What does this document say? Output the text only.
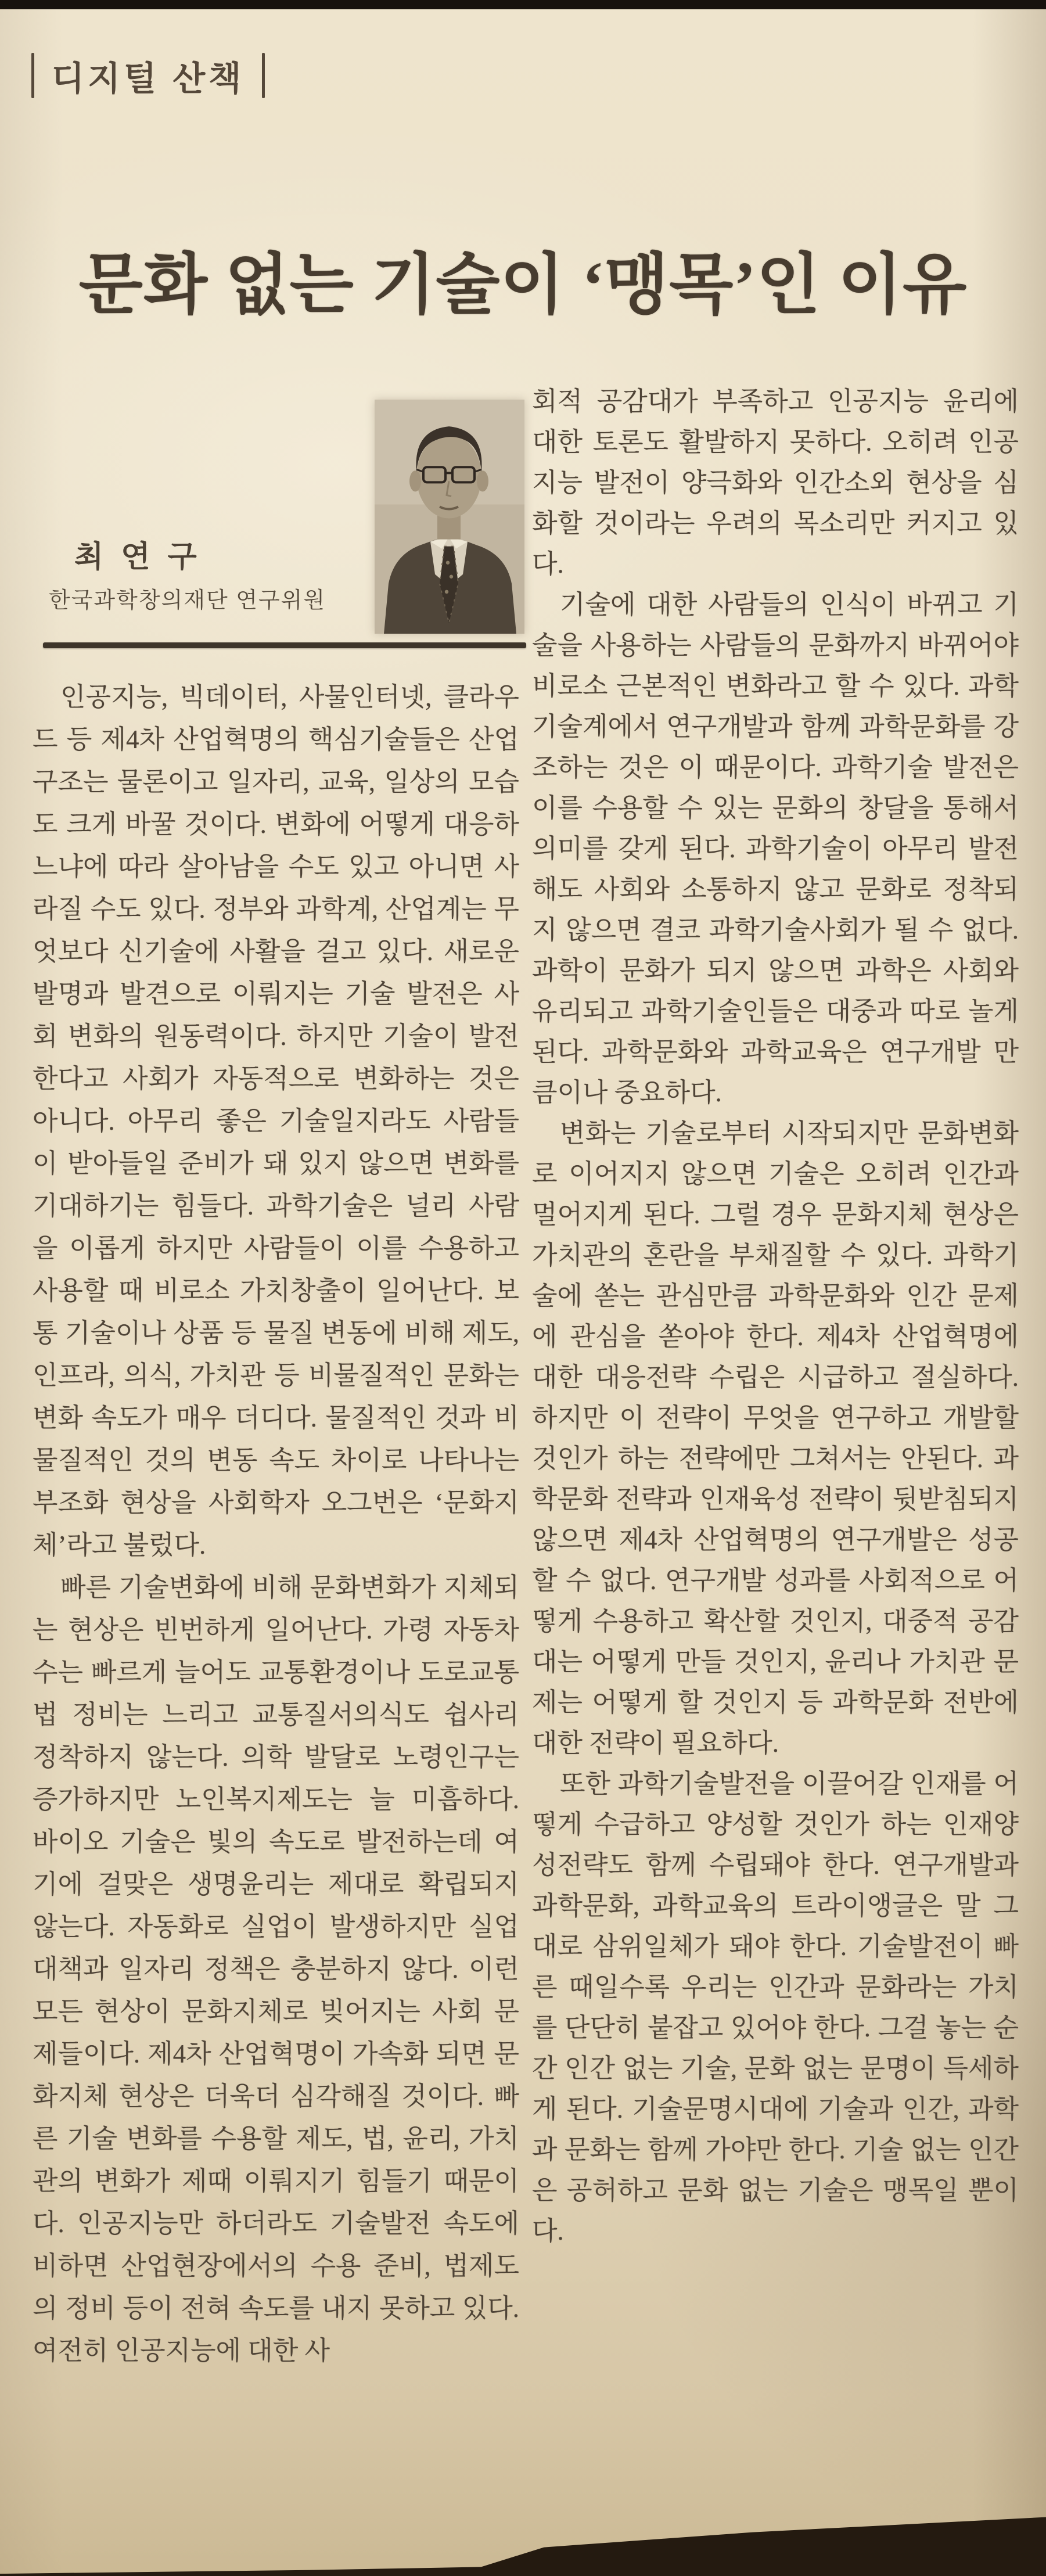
디지털 산책
문화 없는 기술이 ‘맹목’인 이유
최연구
한국과학창의재단 연구위원

인공지능, 빅데이터, 사물인터넷, 클라우드 등 제4차 산업혁명의 핵심기술들은 산업 구조는 물론이고 일자리, 교육, 일상의 모습도 크게 바꿀 것이다. 변화에 어떻게 대응하느냐에 따라 살아남을 수도 있고 아니면 사라질 수도 있다. 정부와 과학계, 산업계는 무엇보다 신기술에 사활을 걸고 있다. 새로운 발명과 발견으로 이뤄지는 기술 발전은 사회 변화의 원동력이다. 하지만 기술이 발전한다고 사회가 자동적으로 변화하는 것은 아니다. 아무리 좋은 기술일지라도 사람들이 받아들일 준비가 돼 있지 않으면 변화를 기대하기는 힘들다. 과학기술은 널리 사람을 이롭게 하지만 사람들이 이를 수용하고 사용할 때 비로소 가치창출이 일어난다. 보통 기술이나 상품 등 물질 변동에 비해 제도, 인프라, 의식, 가치관 등 비물질적인 문화는 변화 속도가 매우 더디다. 물질적인 것과 비물질적인 것의 변동 속도 차이로 나타나는 부조화 현상을 사회학자 오그번은 ‘문화지체’라고 불렀다.

빠른 기술변화에 비해 문화변화가 지체되는 현상은 빈번하게 일어난다. 가령 자동차 수는 빠르게 늘어도 교통환경이나 도로교통법 정비는 느리고 교통질서의식도 쉽사리 정착하지 않는다. 의학 발달로 노령인구는 증가하지만 노인복지제도는 늘 미흡하다. 바이오 기술은 빛의 속도로 발전하는데 여기에 걸맞은 생명윤리는 제대로 확립되지 않는다. 자동화로 실업이 발생하지만 실업대책과 일자리 정책은 충분하지 않다. 이런 모든 현상이 문화지체로 빚어지는 사회 문제들이다. 제4차 산업혁명이 가속화 되면 문화지체 현상은 더욱더 심각해질 것이다. 빠른 기술 변화를 수용할 제도, 법, 윤리, 가치관의 변화가 제때 이뤄지기 힘들기 때문이다. 인공지능만 하더라도 기술발전 속도에 비하면 산업현장에서의 수용 준비, 법제도의 정비 등이 전혀 속도를 내지 못하고 있다. 여전히 인공지능에 대한 사

회적 공감대가 부족하고 인공지능 윤리에 대한 토론도 활발하지 못하다. 오히려 인공지능 발전이 양극화와 인간소외 현상을 심화할 것이라는 우려의 목소리만 커지고 있다.

기술에 대한 사람들의 인식이 바뀌고 기술을 사용하는 사람들의 문화까지 바뀌어야 비로소 근본적인 변화라고 할 수 있다. 과학기술계에서 연구개발과 함께 과학문화를 강조하는 것은 이 때문이다. 과학기술 발전은 이를 수용할 수 있는 문화의 창달을 통해서 의미를 갖게 된다. 과학기술이 아무리 발전해도 사회와 소통하지 않고 문화로 정착되지 않으면 결코 과학기술사회가 될 수 없다. 과학이 문화가 되지 않으면 과학은 사회와 유리되고 과학기술인들은 대중과 따로 놀게 된다. 과학문화와 과학교육은 연구개발 만큼이나 중요하다.

변화는 기술로부터 시작되지만 문화변화로 이어지지 않으면 기술은 오히려 인간과 멀어지게 된다. 그럴 경우 문화지체 현상은 가치관의 혼란을 부채질할 수 있다. 과학기술에 쏟는 관심만큼 과학문화와 인간 문제에 관심을 쏟아야 한다. 제4차 산업혁명에 대한 대응전략 수립은 시급하고 절실하다. 하지만 이 전략이 무엇을 연구하고 개발할 것인가 하는 전략에만 그쳐서는 안된다. 과학문화 전략과 인재육성 전략이 뒷받침되지 않으면 제4차 산업혁명의 연구개발은 성공할 수 없다. 연구개발 성과를 사회적으로 어떻게 수용하고 확산할 것인지, 대중적 공감대는 어떻게 만들 것인지, 윤리나 가치관 문제는 어떻게 할 것인지 등 과학문화 전반에 대한 전략이 필요하다.

또한 과학기술발전을 이끌어갈 인재를 어떻게 수급하고 양성할 것인가 하는 인재양성전략도 함께 수립돼야 한다. 연구개발과 과학문화, 과학교육의 트라이앵글은 말 그대로 삼위일체가 돼야 한다. 기술발전이 빠른 때일수록 우리는 인간과 문화라는 가치를 단단히 붙잡고 있어야 한다. 그걸 놓는 순간 인간 없는 기술, 문화 없는 문명이 득세하게 된다. 기술문명시대에 기술과 인간, 과학과 문화는 함께 가야만 한다. 기술 없는 인간은 공허하고 문화 없는 기술은 맹목일 뿐이다.
